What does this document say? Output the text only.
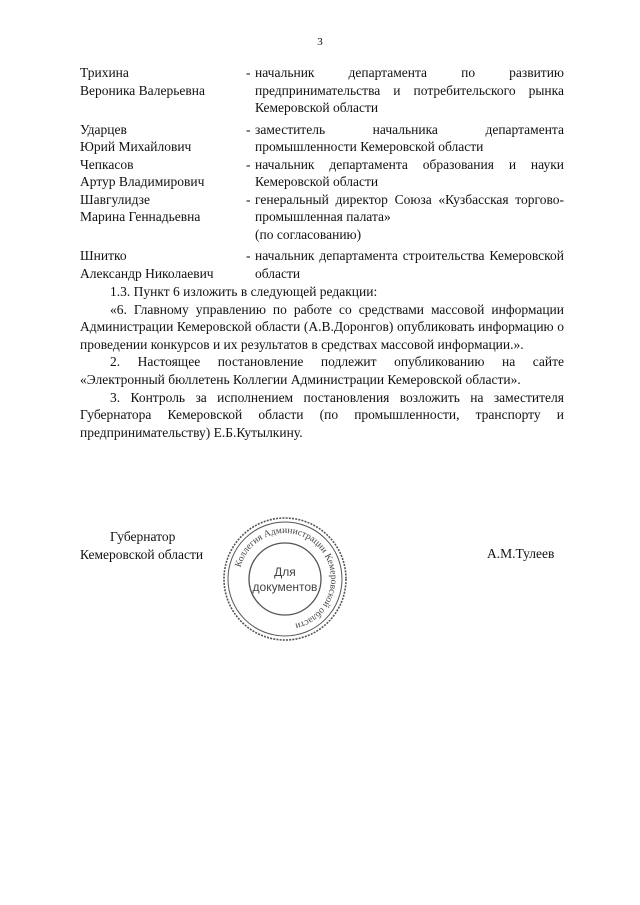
3
Трихина
Вероника Валерьевна
- начальник департамента по развитию предпринимательства и потребительского рынка Кемеровской области
Ударцев
Юрий Михайлович
- заместитель начальника департамента промышленности Кемеровской области
Чепкасов
Артур Владимирович
- начальник департамента образования и науки Кемеровской области
Шавгулидзе
Марина Геннадьевна
- генеральный директор Союза «Кузбасская торгово-промышленная палата»
(по согласованию)
Шнитко
Александр Николаевич
- начальник департамента строительства Кемеровской области

1.3. Пункт 6 изложить в следующей редакции:

«6. Главному управлению по работе со средствами массовой информации Администрации Кемеровской области (А.В.Доронгов) опубликовать информацию о проведении конкурсов и их результатов в средствах массовой информации.».

2. Настоящее постановление подлежит опубликованию на сайте «Электронный бюллетень Коллегии Администрации Кемеровской области».

3. Контроль за исполнением постановления возложить на заместителя Губернатора Кемеровской области (по промышленности, транспорту и предпринимательству) Е.Б.Кутылкину.

Губернатор
Кемеровской области
Коллегия Администрации Кемеровской области
Для
документов
А.М.Тулеев
